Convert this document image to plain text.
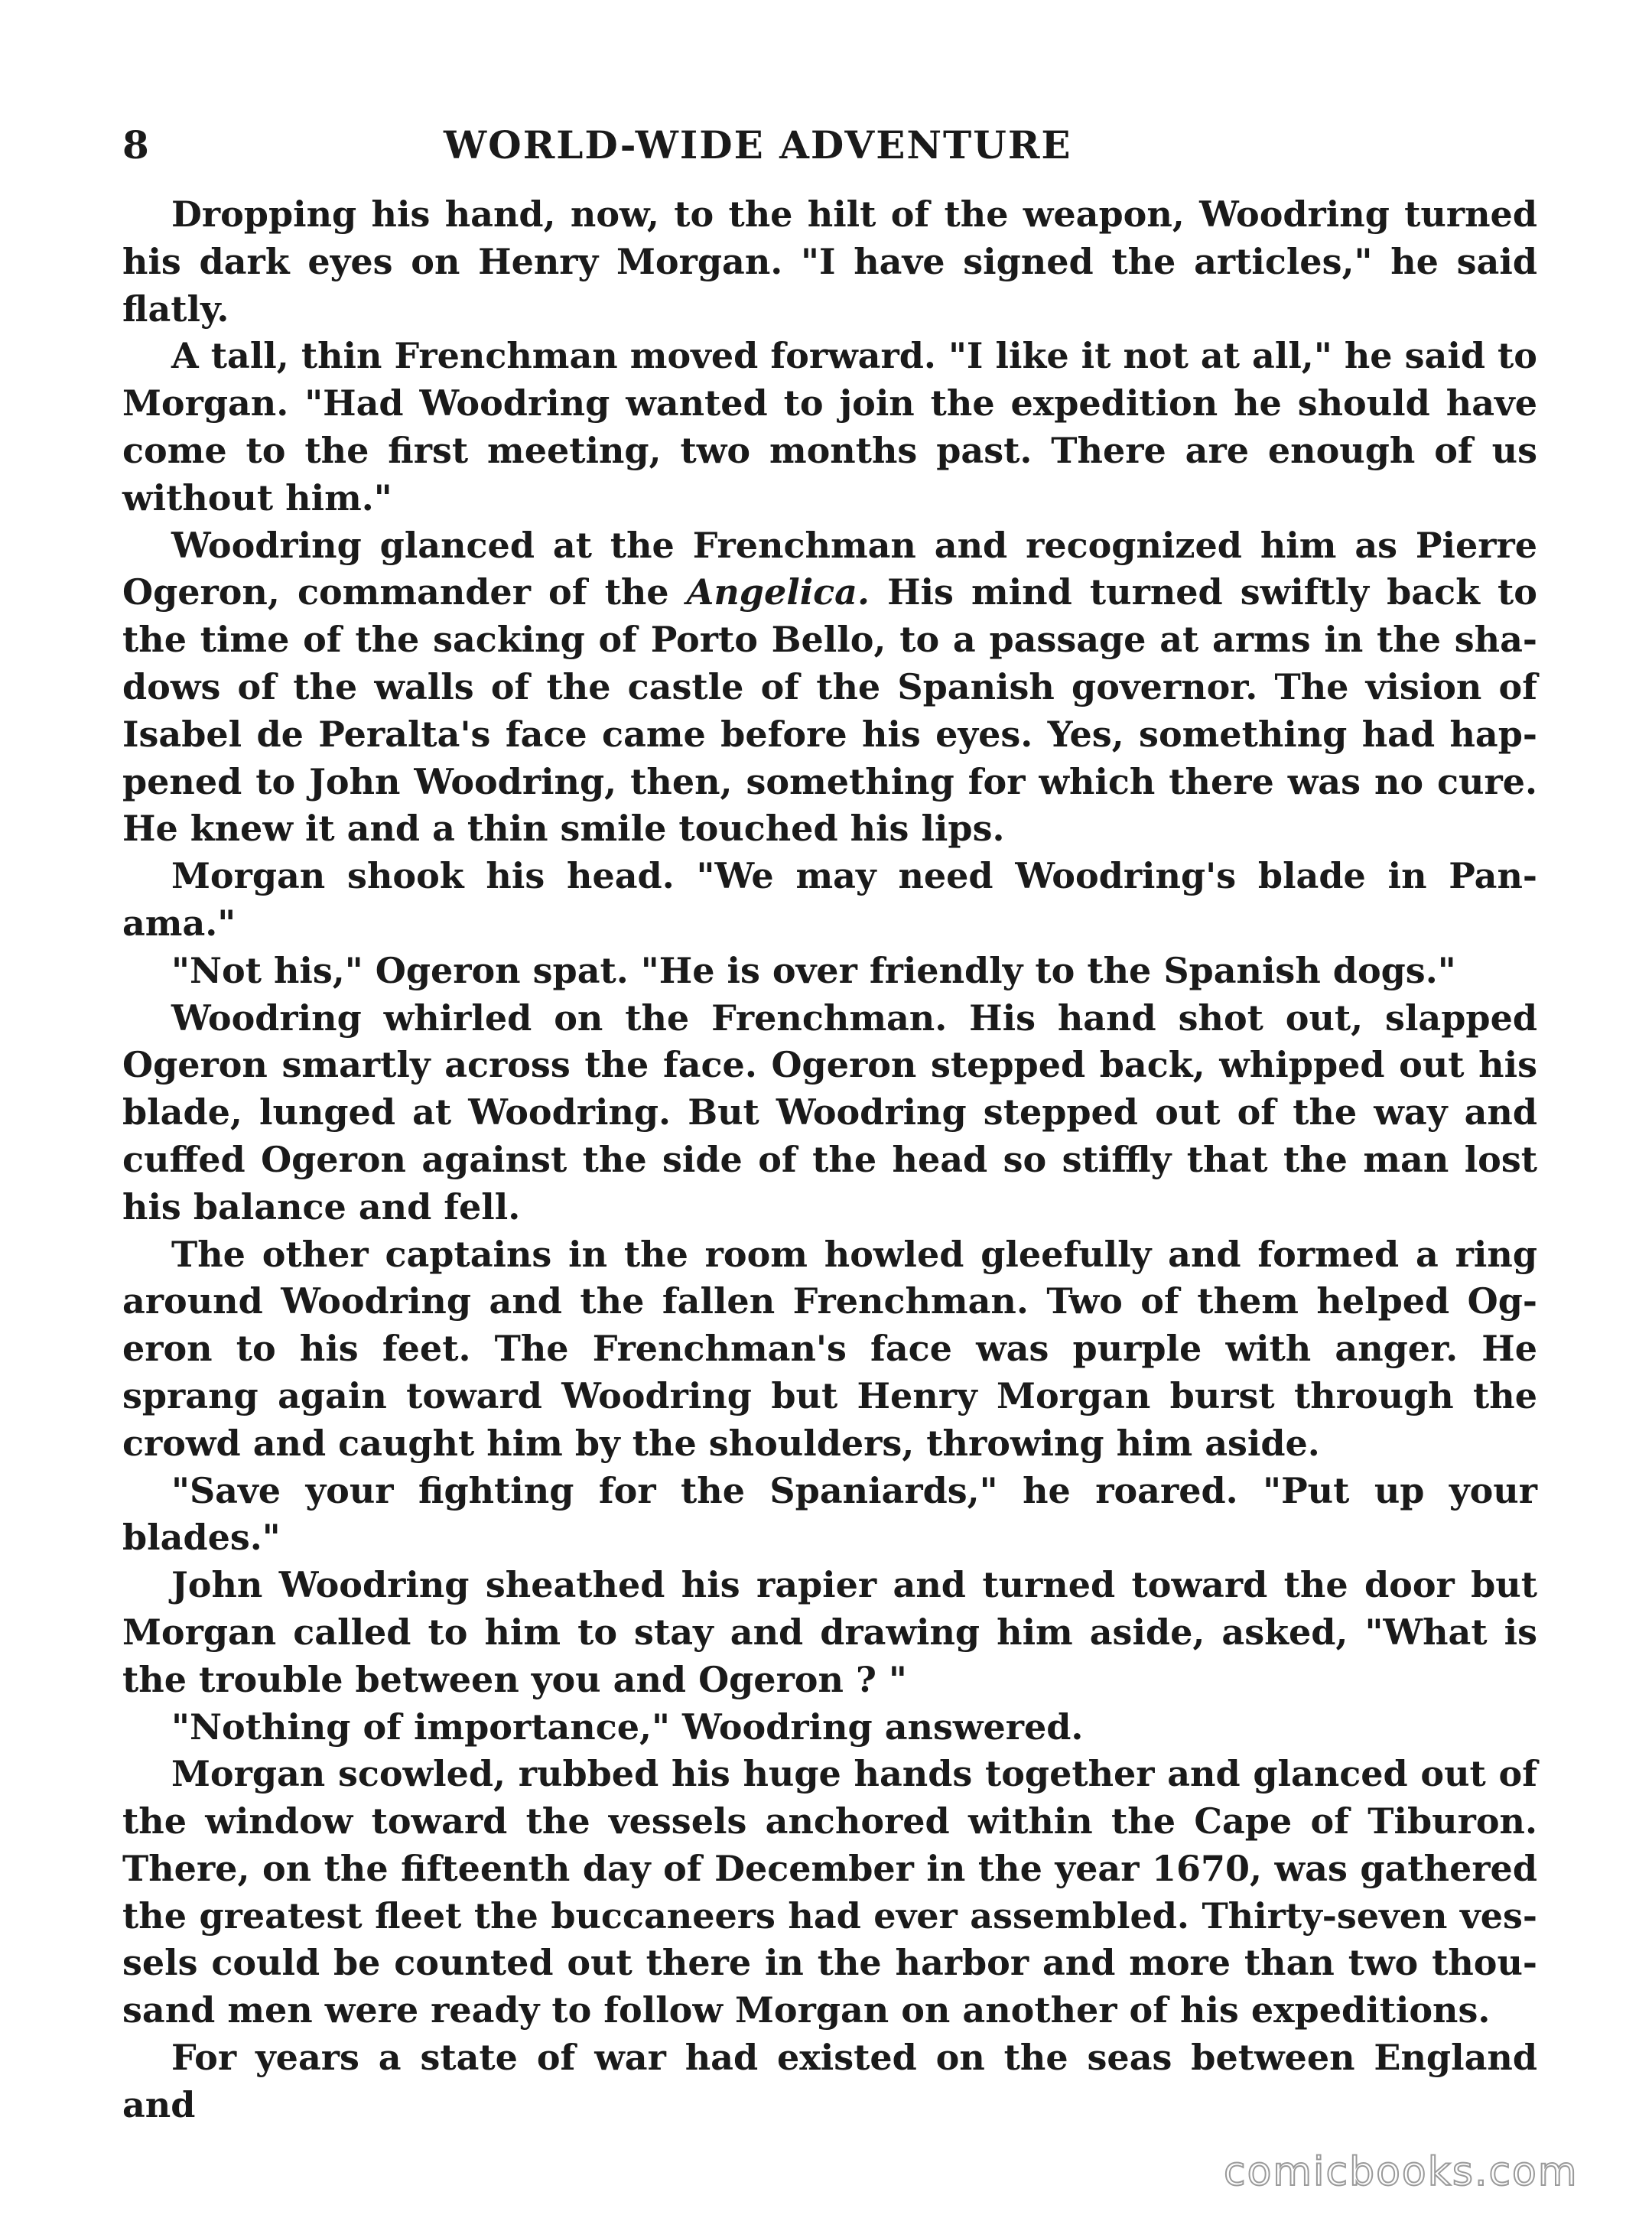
8	WORLD-WIDE ADVENTURE

Dropping his hand, now, to the hilt of the weapon, Woodring turned his dark eyes on Henry Morgan. "I have signed the articles," he said flatly.

A tall, thin Frenchman moved forward. "I like it not at all," he said to Morgan. "Had Woodring wanted to join the expedition he should have come to the first meeting, two months past. There are enough of us without him."

Woodring glanced at the Frenchman and recognized him as Pierre Ogeron, commander of the Angelica. His mind turned swiftly back to the time of the sacking of Porto Bello, to a passage at arms in the shadows of the walls of the castle of the Spanish governor. The vision of Isabel de Peralta's face came before his eyes. Yes, something had happened to John Woodring, then, something for which there was no cure. He knew it and a thin smile touched his lips.

Morgan shook his head. "We may need Woodring's blade in Panama."

"Not his," Ogeron spat. "He is over friendly to the Spanish dogs."

Woodring whirled on the Frenchman. His hand shot out, slapped Ogeron smartly across the face. Ogeron stepped back, whipped out his blade, lunged at Woodring. But Woodring stepped out of the way and cuffed Ogeron against the side of the head so stiffly that the man lost his balance and fell.

The other captains in the room howled gleefully and formed a ring around Woodring and the fallen Frenchman. Two of them helped Ogeron to his feet. The Frenchman's face was purple with anger. He sprang again toward Woodring but Henry Morgan burst through the crowd and caught him by the shoulders, throwing him aside.

"Save your fighting for the Spaniards," he roared. "Put up your blades."

John Woodring sheathed his rapier and turned toward the door but Morgan called to him to stay and drawing him aside, asked, "What is the trouble between you and Ogeron ? "

"Nothing of importance," Woodring answered.

Morgan scowled, rubbed his huge hands together and glanced out of the window toward the vessels anchored within the Cape of Tiburon. There, on the fifteenth day of December in the year 1670, was gathered the greatest fleet the buccaneers had ever assembled. Thirty-seven vessels could be counted out there in the harbor and more than two thousand men were ready to follow Morgan on another of his expeditions.

For years a state of war had existed on the seas between England and

comicbooks.com
